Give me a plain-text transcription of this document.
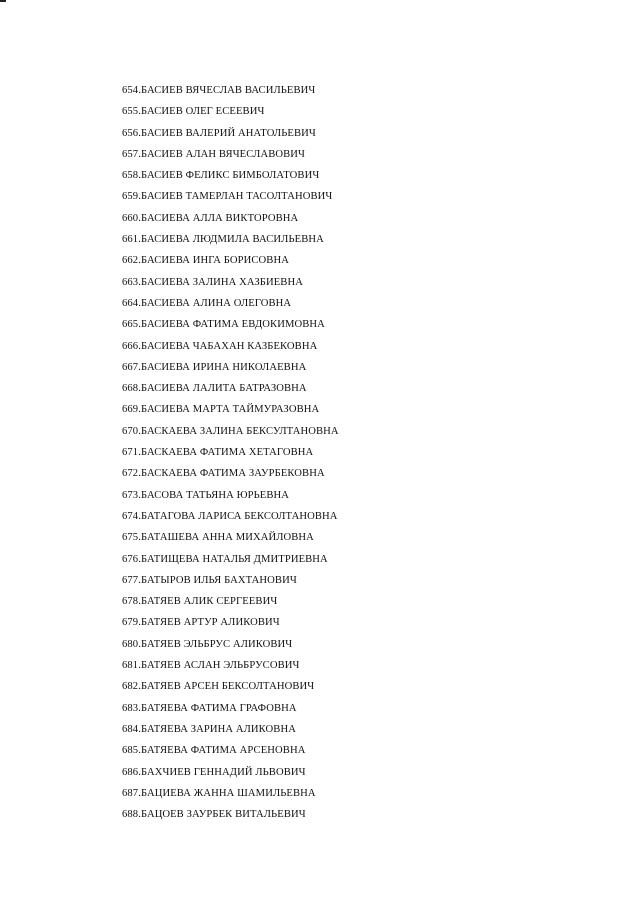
654.БАСИЕВ ВЯЧЕСЛАВ ВАСИЛЬЕВИЧ
655.БАСИЕВ ОЛЕГ ЕСЕЕВИЧ
656.БАСИЕВ ВАЛЕРИЙ АНАТОЛЬЕВИЧ
657.БАСИЕВ АЛАН ВЯЧЕСЛАВОВИЧ
658.БАСИЕВ ФЕЛИКС БИМБОЛАТОВИЧ
659.БАСИЕВ ТАМЕРЛАН ТАСОЛТАНОВИЧ
660.БАСИЕВА АЛЛА ВИКТОРОВНА
661.БАСИЕВА ЛЮДМИЛА ВАСИЛЬЕВНА
662.БАСИЕВА ИНГА БОРИСОВНА
663.БАСИЕВА ЗАЛИНА ХАЗБИЕВНА
664.БАСИЕВА АЛИНА ОЛЕГОВНА
665.БАСИЕВА ФАТИМА ЕВДОКИМОВНА
666.БАСИЕВА ЧАБАХАН КАЗБЕКОВНА
667.БАСИЕВА ИРИНА НИКОЛАЕВНА
668.БАСИЕВА ЛАЛИТА БАТРАЗОВНА
669.БАСИЕВА МАРТА ТАЙМУРАЗОВНА
670.БАСКАЕВА ЗАЛИНА БЕКСУЛТАНОВНА
671.БАСКАЕВА ФАТИМА ХЕТАГОВНА
672.БАСКАЕВА ФАТИМА ЗАУРБЕКОВНА
673.БАСОВА ТАТЬЯНА ЮРЬЕВНА
674.БАТАГОВА ЛАРИСА БЕКСОЛТАНОВНА
675.БАТАШЕВА АННА МИХАЙЛОВНА
676.БАТИЩЕВА НАТАЛЬЯ ДМИТРИЕВНА
677.БАТЫРОВ ИЛЬЯ БАХТАНОВИЧ
678.БАТЯЕВ АЛИК СЕРГЕЕВИЧ
679.БАТЯЕВ АРТУР АЛИКОВИЧ
680.БАТЯЕВ ЭЛЬБРУС АЛИКОВИЧ
681.БАТЯЕВ АСЛАН ЭЛЬБРУСОВИЧ
682.БАТЯЕВ АРСЕН БЕКСОЛТАНОВИЧ
683.БАТЯЕВА ФАТИМА ГРАФОВНА
684.БАТЯЕВА ЗАРИНА АЛИКОВНА
685.БАТЯЕВА ФАТИМА АРСЕНОВНА
686.БАХЧИЕВ ГЕННАДИЙ ЛЬВОВИЧ
687.БАЦИЕВА ЖАННА ШАМИЛЬЕВНА
688.БАЦОЕВ ЗАУРБЕК ВИТАЛЬЕВИЧ
